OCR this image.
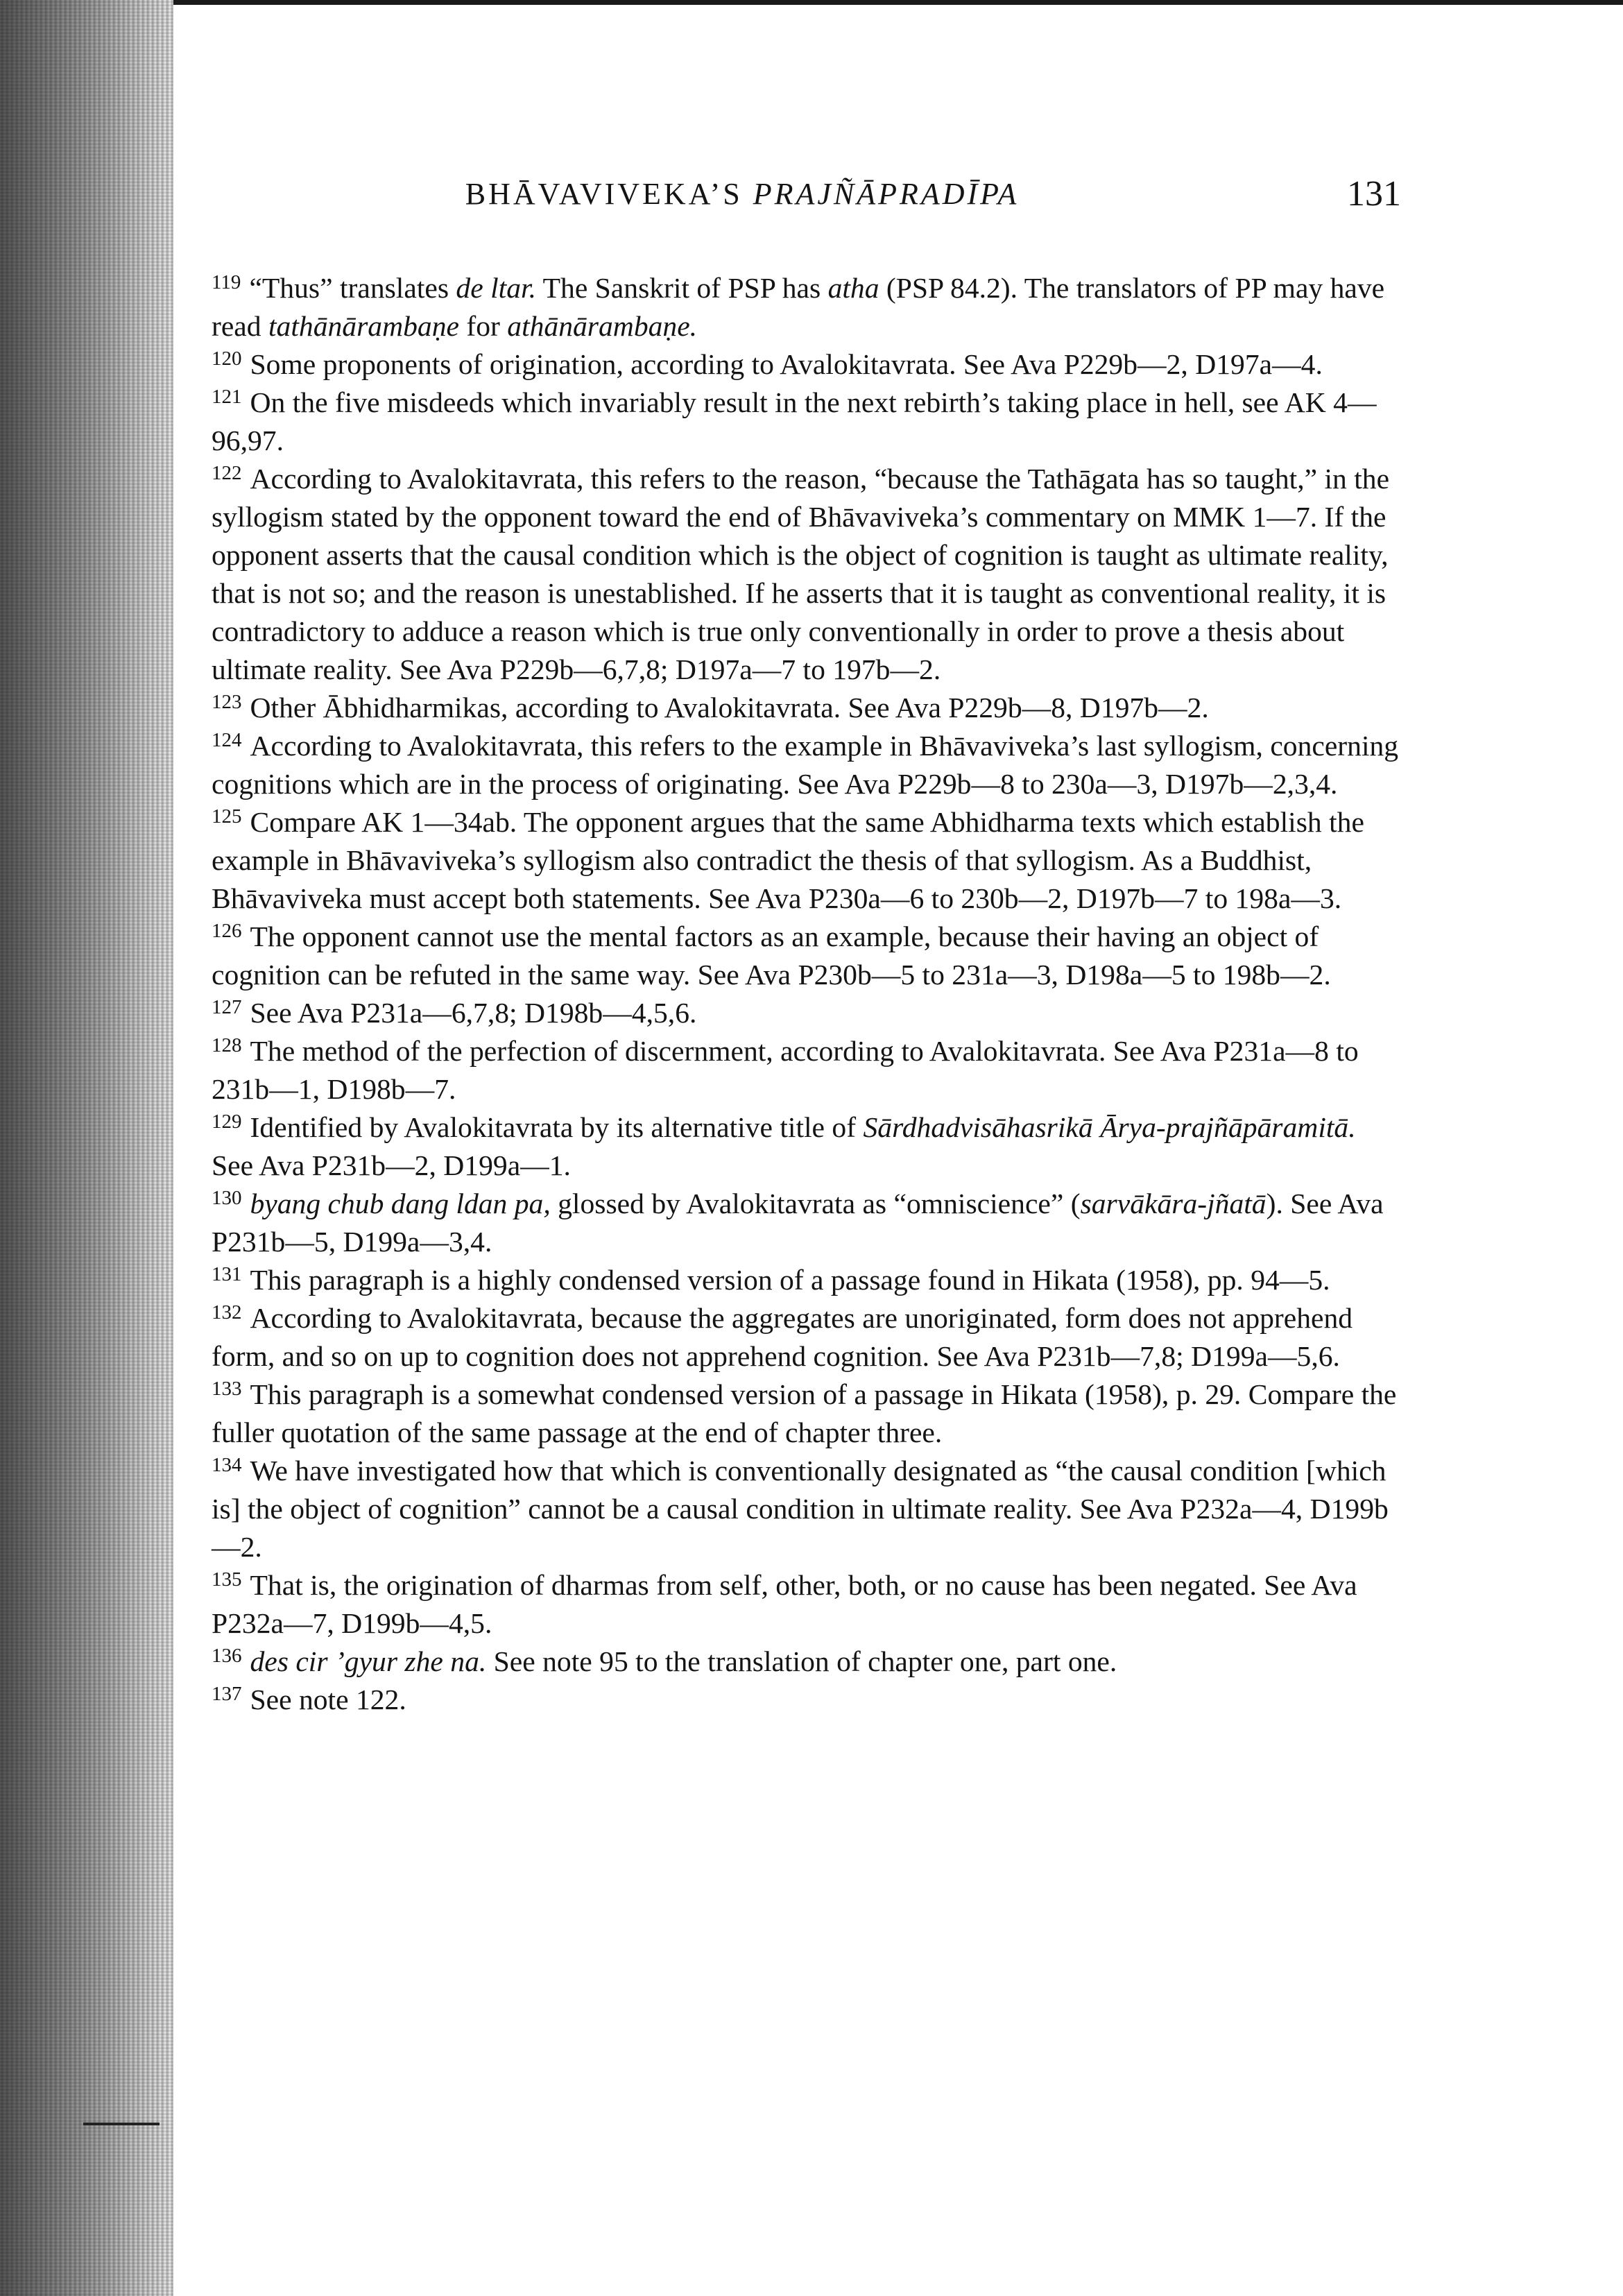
BHĀVAVIVEKA’S PRAJÑĀPRADĪPA	131

$^{119}$ “Thus” translates de ltar. The Sanskrit of PSP has atha (PSP 84.2). The translators of PP may have read tathānārambaṇe for athānārambaṇe.

$^{120}$ Some proponents of origination, according to Avalokitavrata. See Ava P229b—2, D197a—4.

$^{121}$ On the five misdeeds which invariably result in the next rebirth’s taking place in hell, see AK 4—96,97.

$^{122}$ According to Avalokitavrata, this refers to the reason, “because the Tathāgata has so taught,” in the syllogism stated by the opponent toward the end of Bhāvaviveka’s commentary on MMK 1—7. If the opponent asserts that the causal condition which is the object of cognition is taught as ultimate reality, that is not so; and the reason is unestablished. If he asserts that it is taught as conventional reality, it is contradictory to adduce a reason which is true only conventionally in order to prove a thesis about ultimate reality. See Ava P229b—6,7,8; D197a—7 to 197b—2.

$^{123}$ Other Ābhidharmikas, according to Avalokitavrata. See Ava P229b—8, D197b—2.

$^{124}$ According to Avalokitavrata, this refers to the example in Bhāvaviveka’s last syllogism, concerning cognitions which are in the process of originating. See Ava P229b—8 to 230a—3, D197b—2,3,4.

$^{125}$ Compare AK 1—34ab. The opponent argues that the same Abhidharma texts which establish the example in Bhāvaviveka’s syllogism also contradict the thesis of that syllogism. As a Buddhist, Bhāvaviveka must accept both statements. See Ava P230a—6 to 230b—2, D197b—7 to 198a—3.

$^{126}$ The opponent cannot use the mental factors as an example, because their having an object of cognition can be refuted in the same way. See Ava P230b—5 to 231a—3, D198a—5 to 198b—2.

$^{127}$ See Ava P231a—6,7,8; D198b—4,5,6.

$^{128}$ The method of the perfection of discernment, according to Avalokitavrata. See Ava P231a—8 to 231b—1, D198b—7.

$^{129}$ Identified by Avalokitavrata by its alternative title of Sārdhadvisāhasrikā Ārya-prajñāpāramitā. See Ava P231b—2, D199a—1.

$^{130}$ byang chub dang ldan pa, glossed by Avalokitavrata as “omniscience” (sarvākāra-jñatā). See Ava P231b—5, D199a—3,4.

$^{131}$ This paragraph is a highly condensed version of a passage found in Hikata (1958), pp. 94—5.

$^{132}$ According to Avalokitavrata, because the aggregates are unoriginated, form does not apprehend form, and so on up to cognition does not apprehend cognition. See Ava P231b—7,8; D199a—5,6.

$^{133}$ This paragraph is a somewhat condensed version of a passage in Hikata (1958), p. 29. Compare the fuller quotation of the same passage at the end of chapter three.

$^{134}$ We have investigated how that which is conventionally designated as “the causal condition [which is] the object of cognition” cannot be a causal condition in ultimate reality. See Ava P232a—4, D199b—2.

$^{135}$ That is, the origination of dharmas from self, other, both, or no cause has been negated. See Ava P232a—7, D199b—4,5.

$^{136}$ des cir ’gyur zhe na. See note 95 to the translation of chapter one, part one.

$^{137}$ See note 122.
